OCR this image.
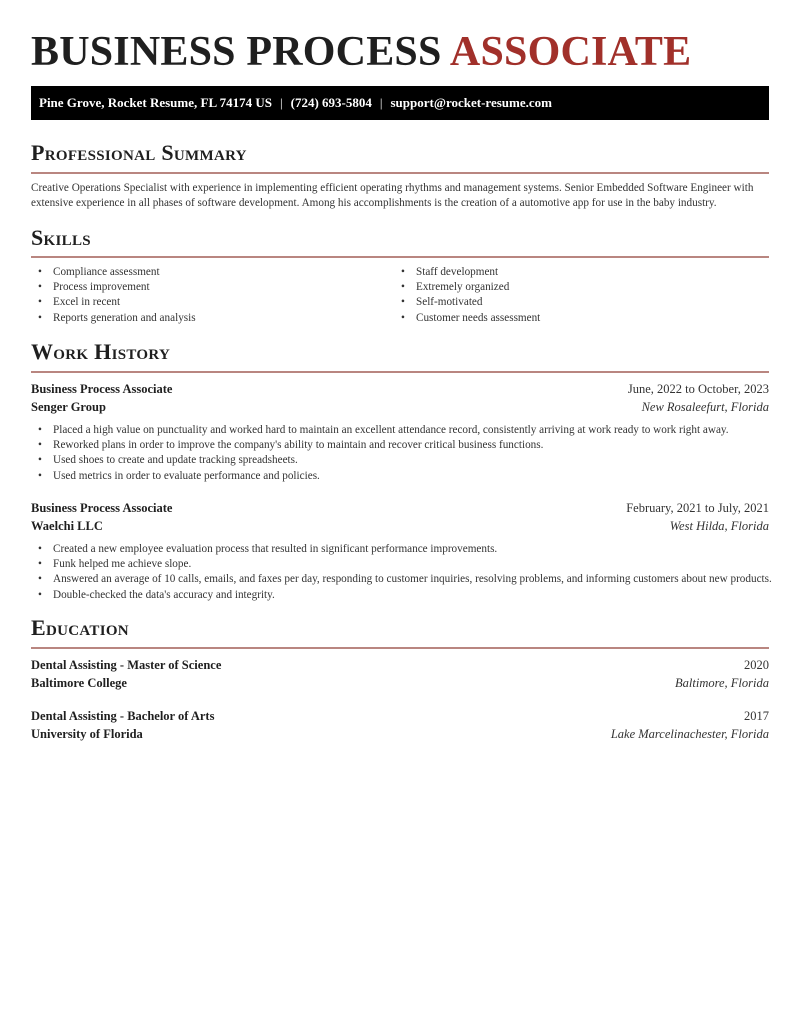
BUSINESS PROCESS ASSOCIATE
Pine Grove, Rocket Resume, FL 74174 US | (724) 693-5804 | support@rocket-resume.com
Professional Summary
Creative Operations Specialist with experience in implementing efficient operating rhythms and management systems. Senior Embedded Software Engineer with extensive experience in all phases of software development. Among his accomplishments is the creation of a automotive app for use in the baby industry.
Skills
• Compliance assessment
• Process improvement
• Excel in recent
• Reports generation and analysis
• Staff development
• Extremely organized
• Self-motivated
• Customer needs assessment
Work History
Business Process Associate	June, 2022 to October, 2023
Senger Group	New Rosaleefurt, Florida
• Placed a high value on punctuality and worked hard to maintain an excellent attendance record, consistently arriving at work ready to work right away.
• Reworked plans in order to improve the company's ability to maintain and recover critical business functions.
• Used shoes to create and update tracking spreadsheets.
• Used metrics in order to evaluate performance and policies.
Business Process Associate	February, 2021 to July, 2021
Waelchi LLC	West Hilda, Florida
• Created a new employee evaluation process that resulted in significant performance improvements.
• Funk helped me achieve slope.
• Answered an average of 10 calls, emails, and faxes per day, responding to customer inquiries, resolving problems, and informing customers about new products.
• Double-checked the data's accuracy and integrity.
Education
Dental Assisting - Master of Science	2020
Baltimore College	Baltimore, Florida
Dental Assisting - Bachelor of Arts	2017
University of Florida	Lake Marcelinachester, Florida
